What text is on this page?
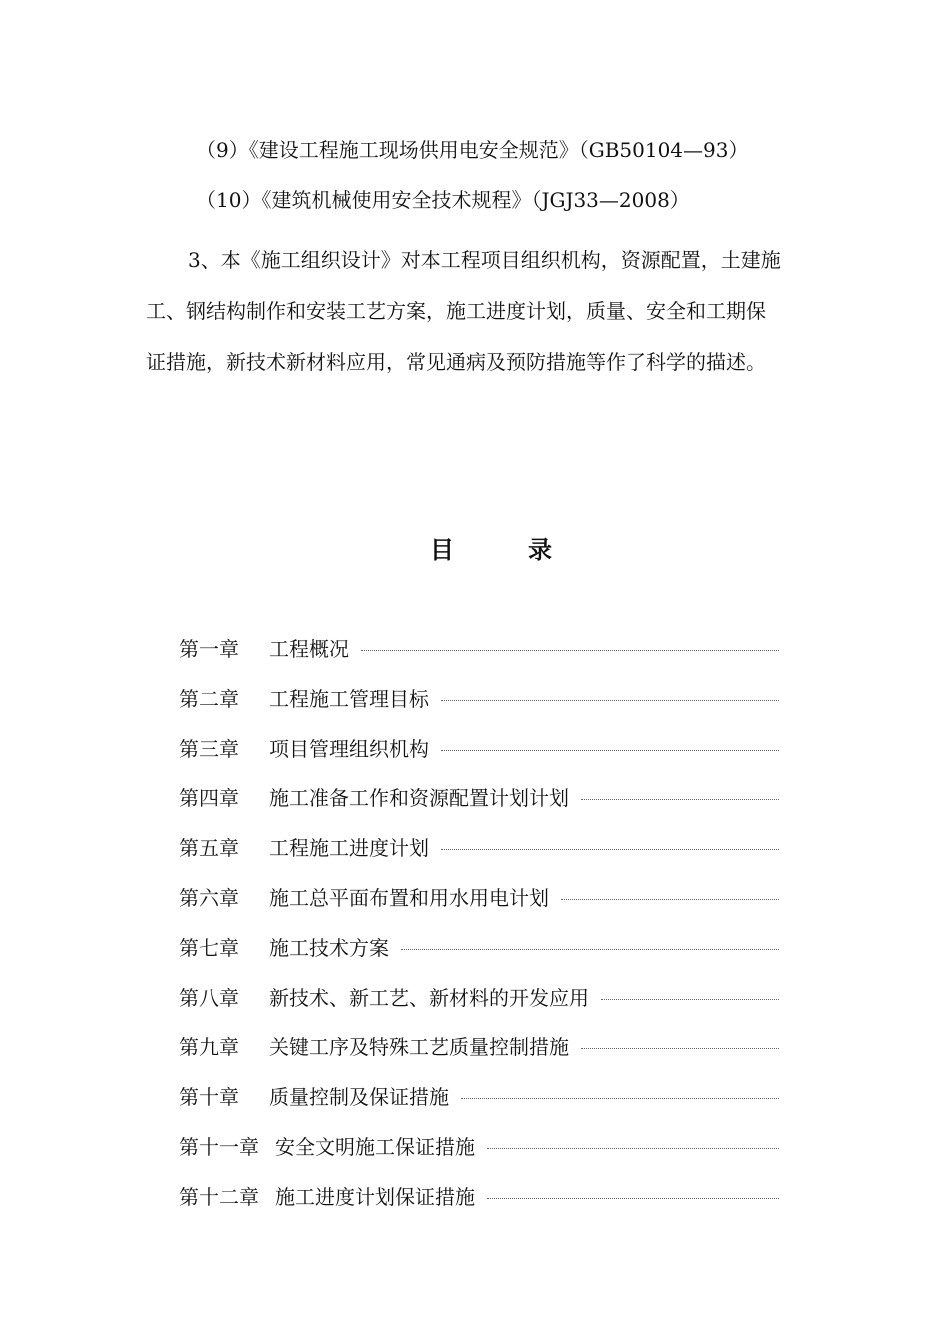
（9）《建设工程施工现场供用电安全规范》（GB50104—93）
（10）《建筑机械使用安全技术规程》（JGJ33—2008）
3、本《施工组织设计》对本工程项目组织机构，资源配置，土建施
工、钢结构制作和安装工艺方案，施工进度计划，质量、安全和工期保
证措施，新技术新材料应用，常见通病及预防措施等作了科学的描述。
目	录
第一章	工程概况
第二章	工程施工管理目标
第三章	项目管理组织机构
第四章	施工准备工作和资源配置计划计划
第五章	工程施工进度计划
第六章	施工总平面布置和用水用电计划
第七章	施工技术方案
第八章	新技术、新工艺、新材料的开发应用
第九章	关键工序及特殊工艺质量控制措施
第十章	质量控制及保证措施
第十一章 安全文明施工保证措施
第十二章 施工进度计划保证措施
